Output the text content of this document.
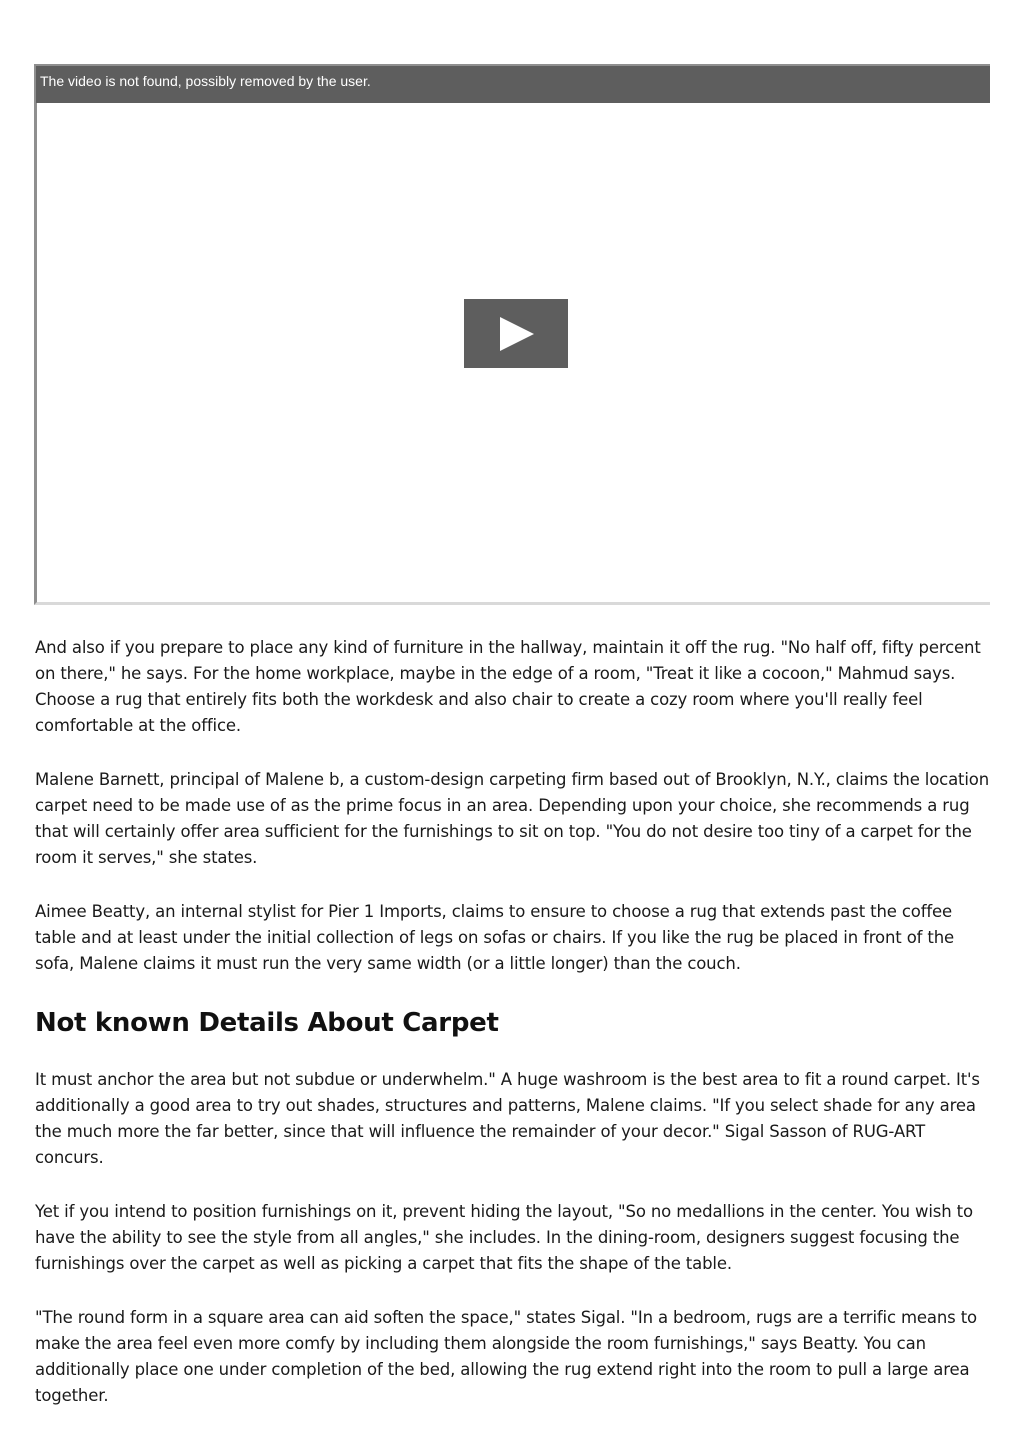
The video is not found, possibly removed by the user.

And also if you prepare to place any kind of furniture in the hallway, maintain it off the rug. "No half off, fifty percent on there," he says. For the home workplace, maybe in the edge of a room, "Treat it like a cocoon," Mahmud says. Choose a rug that entirely fits both the workdesk and also chair to create a cozy room where you'll really feel comfortable at the office.

Malene Barnett, principal of Malene b, a custom-design carpeting firm based out of Brooklyn, N.Y., claims the location carpet need to be made use of as the prime focus in an area. Depending upon your choice, she recommends a rug that will certainly offer area sufficient for the furnishings to sit on top. "You do not desire too tiny of a carpet for the room it serves," she states.

Aimee Beatty, an internal stylist for Pier 1 Imports, claims to ensure to choose a rug that extends past the coffee table and at least under the initial collection of legs on sofas or chairs. If you like the rug be placed in front of the sofa, Malene claims it must run the very same width (or a little longer) than the couch.

Not known Details About Carpet

It must anchor the area but not subdue or underwhelm." A huge washroom is the best area to fit a round carpet. It's additionally a good area to try out shades, structures and patterns, Malene claims. "If you select shade for any area the much more the far better, since that will influence the remainder of your decor." Sigal Sasson of RUG-ART concurs.

Yet if you intend to position furnishings on it, prevent hiding the layout, "So no medallions in the center. You wish to have the ability to see the style from all angles," she includes. In the dining-room, designers suggest focusing the furnishings over the carpet as well as picking a carpet that fits the shape of the table.

"The round form in a square area can aid soften the space," states Sigal. "In a bedroom, rugs are a terrific means to make the area feel even more comfy by including them alongside the room furnishings," says Beatty. You can additionally place one under completion of the bed, allowing the rug extend right into the room to pull a large area together.
